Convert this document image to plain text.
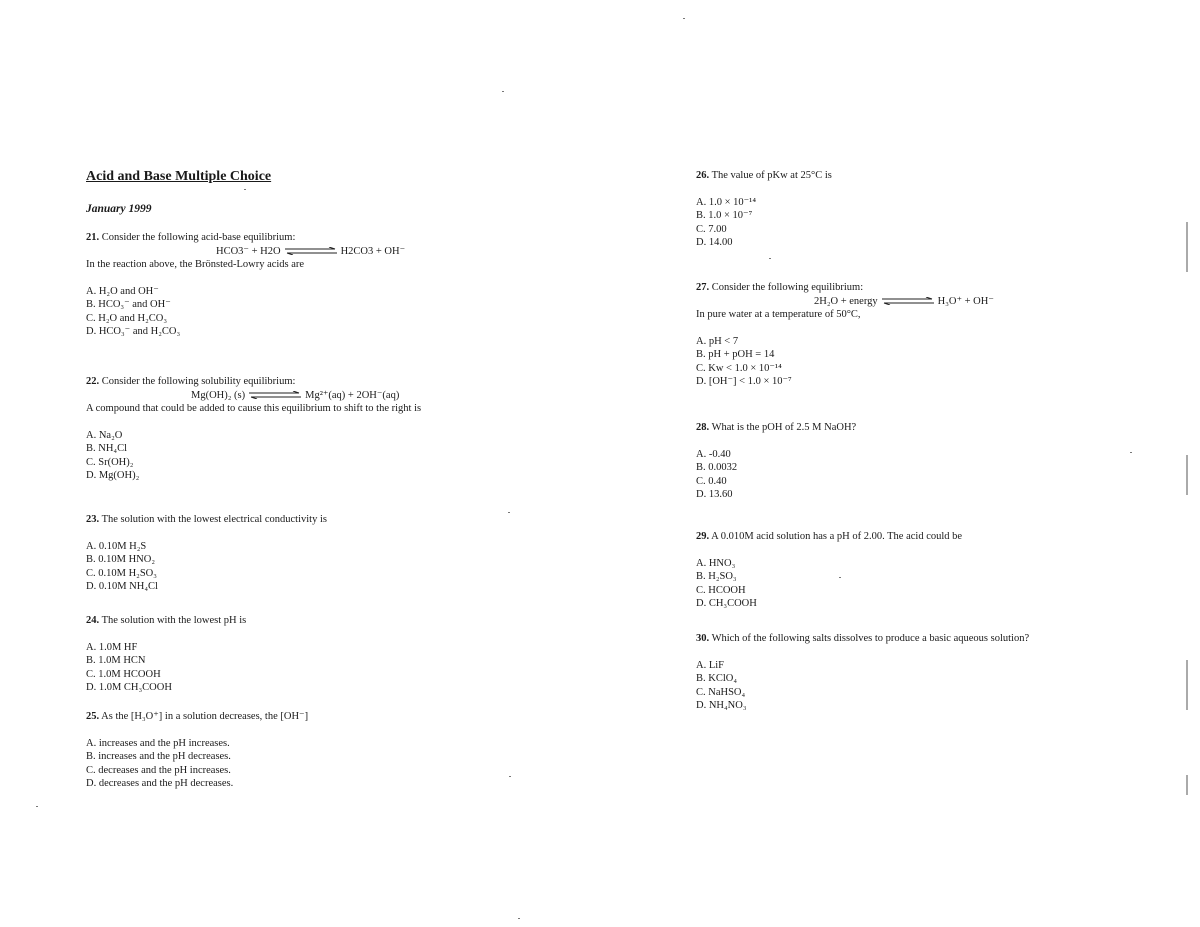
Acid and Base Multiple Choice
January 1999

21. Consider the following acid-base equilibrium:

HCO3⁻ + H2O	H2CO3 + OH⁻

In the reaction above, the Brönsted-Lowry acids are

A. H₂O and OH⁻
B. HCO₃⁻ and OH⁻
C. H₂O and H₂CO₃
D. HCO₃⁻ and H₂CO₃

22. Consider the following solubility equilibrium:

Mg(OH)₂ (s)	Mg²⁺(aq) + 2OH⁻(aq)

A compound that could be added to cause this equilibrium to shift to the right is

A. Na₂O
B. NH₄Cl
C. Sr(OH)₂
D. Mg(OH)₂

23. The solution with the lowest electrical conductivity is

A. 0.10M H₂S
B. 0.10M HNO₂
C. 0.10M H₂SO₃
D. 0.10M NH₄Cl

24. The solution with the lowest pH is

A. 1.0M HF
B. 1.0M HCN
C. 1.0M HCOOH
D. 1.0M CH₃COOH

25. As the [H₃O⁺] in a solution decreases, the [OH⁻]

A. increases and the pH increases.
B. increases and the pH decreases.
C. decreases and the pH increases.
D. decreases and the pH decreases.

26. The value of pKw at 25°C is

A. 1.0 × 10⁻¹⁴
B. 1.0 × 10⁻⁷
C. 7.00
D. 14.00

27. Consider the following equilibrium:

2H₂O + energy	H₃O⁺ + OH⁻

In pure water at a temperature of 50°C,

A. pH < 7
B. pH + pOH = 14
C. Kw < 1.0 × 10⁻¹⁴
D. [OH⁻] < 1.0 × 10⁻⁷

28. What is the pOH of 2.5 M NaOH?

A. -0.40
B. 0.0032
C. 0.40
D. 13.60

29. A 0.010M acid solution has a pH of 2.00. The acid could be

A. HNO₃
B. H₂SO₃
C. HCOOH
D. CH₃COOH

30. Which of the following salts dissolves to produce a basic aqueous solution?

A. LiF
B. KClO₄
C. NaHSO₄
D. NH₄NO₃
